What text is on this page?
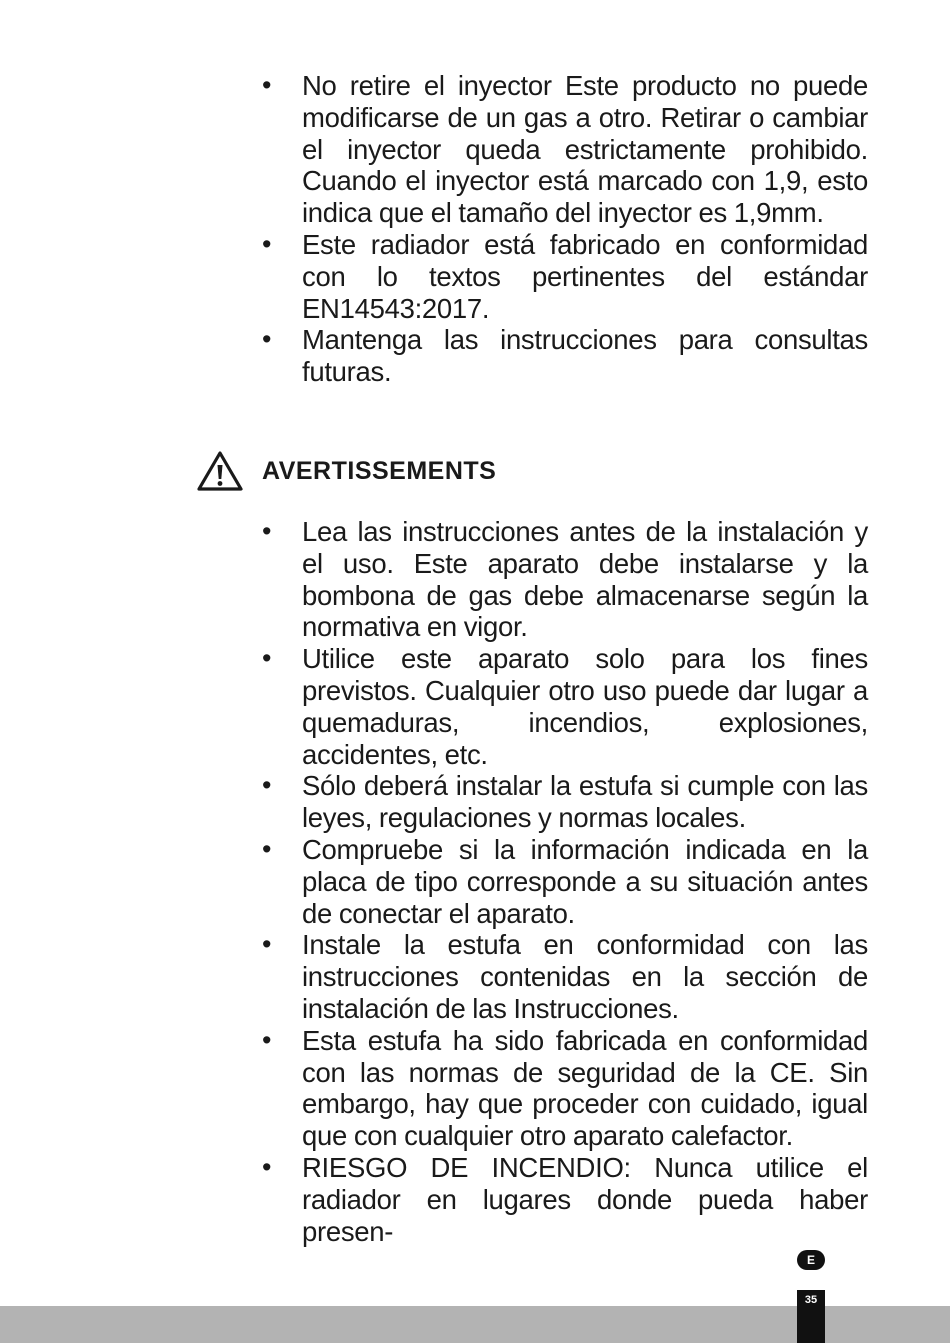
• No retire el inyector Este producto no puede modificarse de un gas a otro. Retirar o cambiar el inyector queda estrictamente prohibido. Cuando el inyector está marcado con 1,9, esto indica que el tamaño del inyector es 1,9mm.
• Este radiador está fabricado en conformidad con lo textos pertinentes del estándar EN14543:2017.
• Mantenga las instrucciones para consultas futuras.
AVERTISSEMENTS
• Lea las instrucciones antes de la instalación y el uso. Este aparato debe instalarse y la bombona de gas debe almacenarse según la normativa en vigor.
• Utilice este aparato solo para los fines previstos. Cualquier otro uso puede dar lugar a quemaduras, incendios, explosiones, accidentes, etc.
• Sólo deberá instalar la estufa si cumple con las leyes, regulaciones y normas locales.
• Compruebe si la información indicada en la placa de tipo corresponde a su situación antes de conectar el aparato.
• Instale la estufa en conformidad con las instrucciones contenidas en la sección de instalación de las Instrucciones.
• Esta estufa ha sido fabricada en conformidad con las normas de seguridad de la CE. Sin embargo, hay que proceder con cuidado, igual que con cualquier otro aparato calefactor.
• RIESGO DE INCENDIO: Nunca utilice el radiador en lugares donde pueda haber presen-
E
35
